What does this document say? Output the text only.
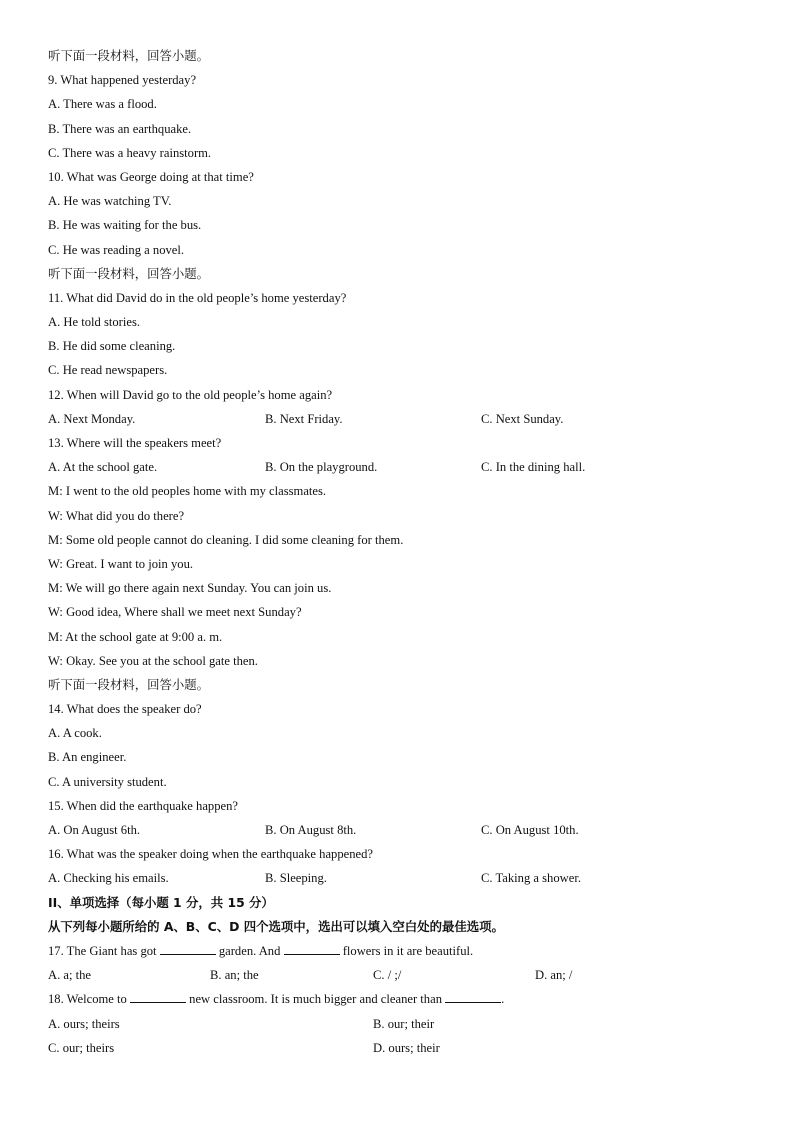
听下面一段材料，回答小题。
9. What happened yesterday?
A. There was a flood.
B. There was an earthquake.
C. There was a heavy rainstorm.
10. What was George doing at that time?
A. He was watching TV.
B. He was waiting for the bus.
C. He was reading a novel.
听下面一段材料，回答小题。
11. What did David do in the old people’s home yesterday?
A. He told stories.
B. He did some cleaning.
C. He read newspapers.
12. When will David go to the old people’s home again?
A. Next Monday.	B. Next Friday.	C. Next Sunday.
13. Where will the speakers meet?
A. At the school gate.	B. On the playground.	C. In the dining hall.
M: I went to the old peoples home with my classmates.
W: What did you do there?
M: Some old people cannot do cleaning. I did some cleaning for them.
W: Great. I want to join you.
M: We will go there again next Sunday. You can join us.
W: Good idea, Where shall we meet next Sunday?
M: At the school gate at 9:00 a. m.
W: Okay. See you at the school gate then.
听下面一段材料，回答小题。
14. What does the speaker do?
A. A cook.
B. An engineer.
C. A university student.
15. When did the earthquake happen?
A. On August 6th.	B. On August 8th.	C. On August 10th.
16. What was the speaker doing when the earthquake happened?
A. Checking his emails.	B. Sleeping.	C. Taking a shower.
II、单项选择（每小题 1 分，共 15 分）
从下列每小题所给的 A、B、C、D 四个选项中，选出可以填入空白处的最佳选项。
17. The Giant has got	garden. And	flowers in it are beautiful.
A. a; the	B. an; the	C. / ;/	D. an; /
18. Welcome to	new classroom. It is much bigger and cleaner than	.
A. ours; theirs	B. our; their
C. our; theirs	D. ours; their
